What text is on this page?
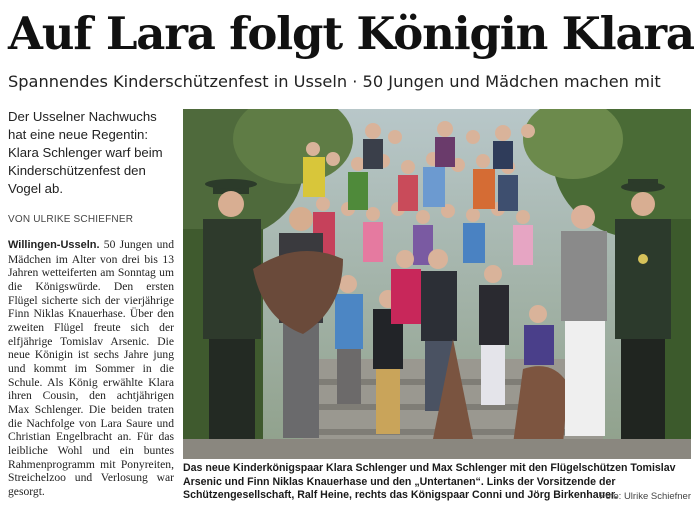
Auf Lara folgt Königin Klara
Spannendes Kinderschützenfest in Usseln · 50 Jungen und Mädchen machen mit
Der Usselner Nachwuchs hat eine neue Regentin: Klara Schlenger warf beim Kinderschützenfest den Vogel ab.
VON ULRIKE SCHIEFNER
Willingen-Usseln. 50 Jungen und Mädchen im Alter von drei bis 13 Jahren wetteiferten am Sonntag um die Königswürde. Den ersten Flügel sicherte sich der vierjährige Finn Niklas Knauerhase. Über den zweiten Flügel freute sich der elfjährige Tomislav Arsenic. Die neue Königin ist sechs Jahre jung und kommt im Sommer in die Schule. Als König erwählte Klara ihren Cousin, den achtjährigen Max Schlenger. Die beiden traten die Nachfolge von Lara Saure und Christian Engelbracht an. Für das leibliche Wohl und ein buntes Rahmenprogramm mit Ponyreiten, Streichelzoo und Verlosung war gesorgt.
Das neue Kinderkönigspaar Klara Schlenger und Max Schlenger mit den Flügelschützen Tomislav Arsenic und Finn Niklas Knauerhase und den „Untertanen“. Links der Vorsitzende der Schützengesellschaft, Ralf Heine, rechts das Königspaar Conni und Jörg Birkenhauer.
Foto: Ulrike Schiefner
